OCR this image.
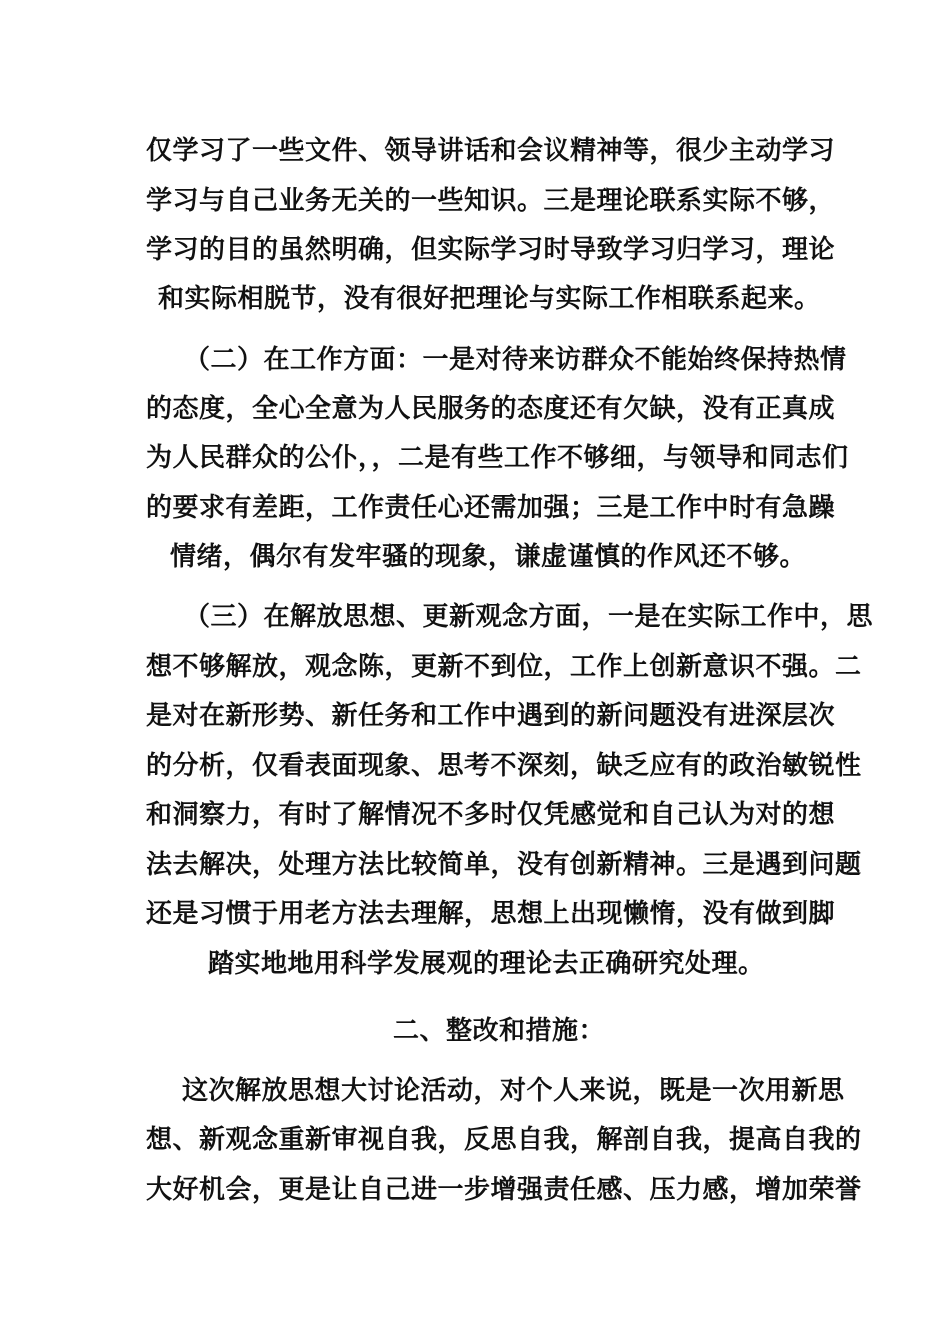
仅学习了一些文件、领导讲话和会议精神等，很少主动学习
学习与自己业务无关的一些知识。三是理论联系实际不够，
学习的目的虽然明确，但实际学习时导致学习归学习，理论
和实际相脱节，没有很好把理论与实际工作相联系起来。
（二）在工作方面：一是对待来访群众不能始终保持热情
的态度，全心全意为人民服务的态度还有欠缺，没有正真成
为人民群众的公仆，，二是有些工作不够细，与领导和同志们
的要求有差距，工作责任心还需加强；三是工作中时有急躁
情绪，偶尔有发牢骚的现象，谦虚谨慎的作风还不够。
（三）在解放思想、更新观念方面，一是在实际工作中，思
想不够解放，观念陈，更新不到位，工作上创新意识不强。二
是对在新形势、新任务和工作中遇到的新问题没有进深层次
的分析，仅看表面现象、思考不深刻，缺乏应有的政治敏锐性
和洞察力，有时了解情况不多时仅凭感觉和自己认为对的想
法去解决，处理方法比较简单，没有创新精神。三是遇到问题
还是习惯于用老方法去理解，思想上出现懒惰，没有做到脚
踏实地地用科学发展观的理论去正确研究处理。
二、整改和措施：
这次解放思想大讨论活动，对个人来说，既是一次用新思
想、新观念重新审视自我，反思自我，解剖自我，提高自我的
大好机会，更是让自己进一步增强责任感、压力感，增加荣誉
